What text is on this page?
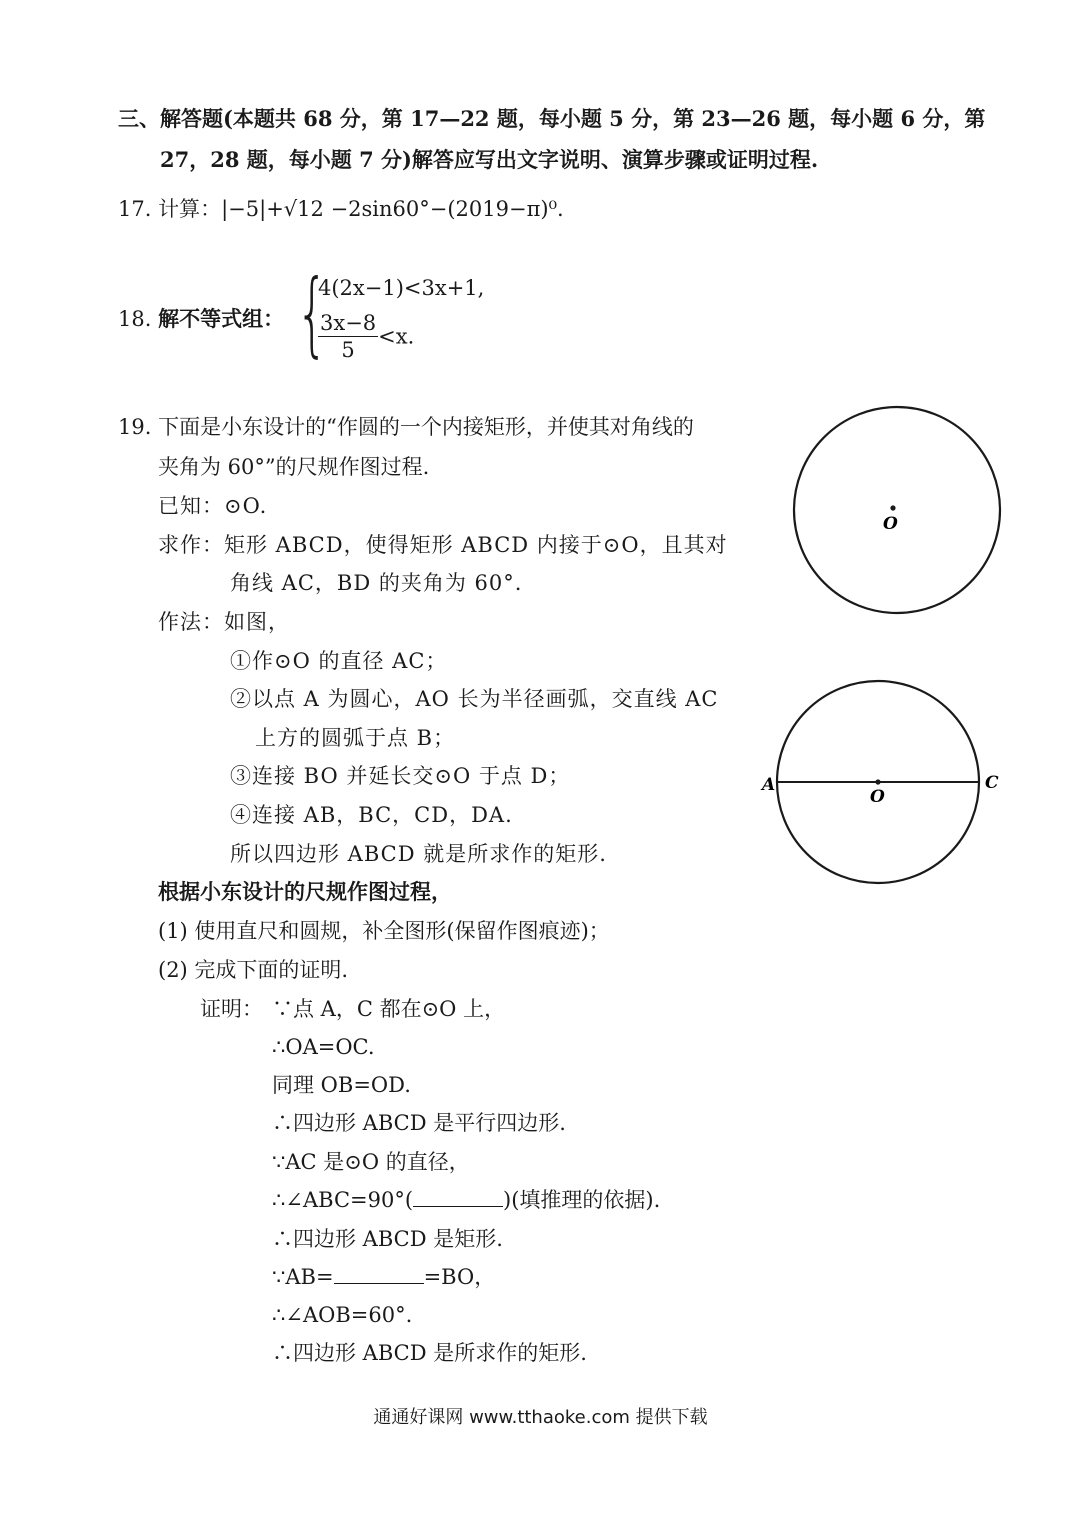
三、解答题(本题共 68 分，第 17—22 题，每小题 5 分，第 23—26 题，每小题 6 分，第
27，28 题，每小题 7 分)解答应写出文字说明、演算步骤或证明过程.
17. 计算：|−5|+√12 −2sin60°−(2019−π)⁰.
18. 解不等式组： {
4(2x−1)<3x+1,
$\frac{3x-8}{5} <x$.
19. 下面是小东设计的“作圆的一个内接矩形，并使其对角线的
夹角为 60°”的尺规作图过程.
已知：⊙O.
求作：矩形 ABCD，使得矩形 ABCD 内接于⊙O，且其对
角线 AC，BD 的夹角为 60°.
作法：如图，
①作⊙O 的直径 AC；
②以点 A 为圆心，AO 长为半径画弧，交直线 AC
上方的圆弧于点 B；
③连接 BO 并延长交⊙O 于点 D；
④连接 AB，BC，CD，DA.
所以四边形 ABCD 就是所求作的矩形.
根据小东设计的尺规作图过程，
(1) 使用直尺和圆规，补全图形(保留作图痕迹)；
(2) 完成下面的证明.
证明： ∵点 A，C 都在⊙O 上，
∴OA=OC.
同理 OB=OD.
∴四边形 ABCD 是平行四边形.
∵AC 是⊙O 的直径，
∴∠ABC=90°(	)(填推理的依据).
∴四边形 ABCD 是矩形.
∵AB=	=BO，
∴∠AOB=60°.
∴四边形 ABCD 是所求作的矩形.
O
A
O
C
通通好课网 www.tthaoke.com 提供下载
